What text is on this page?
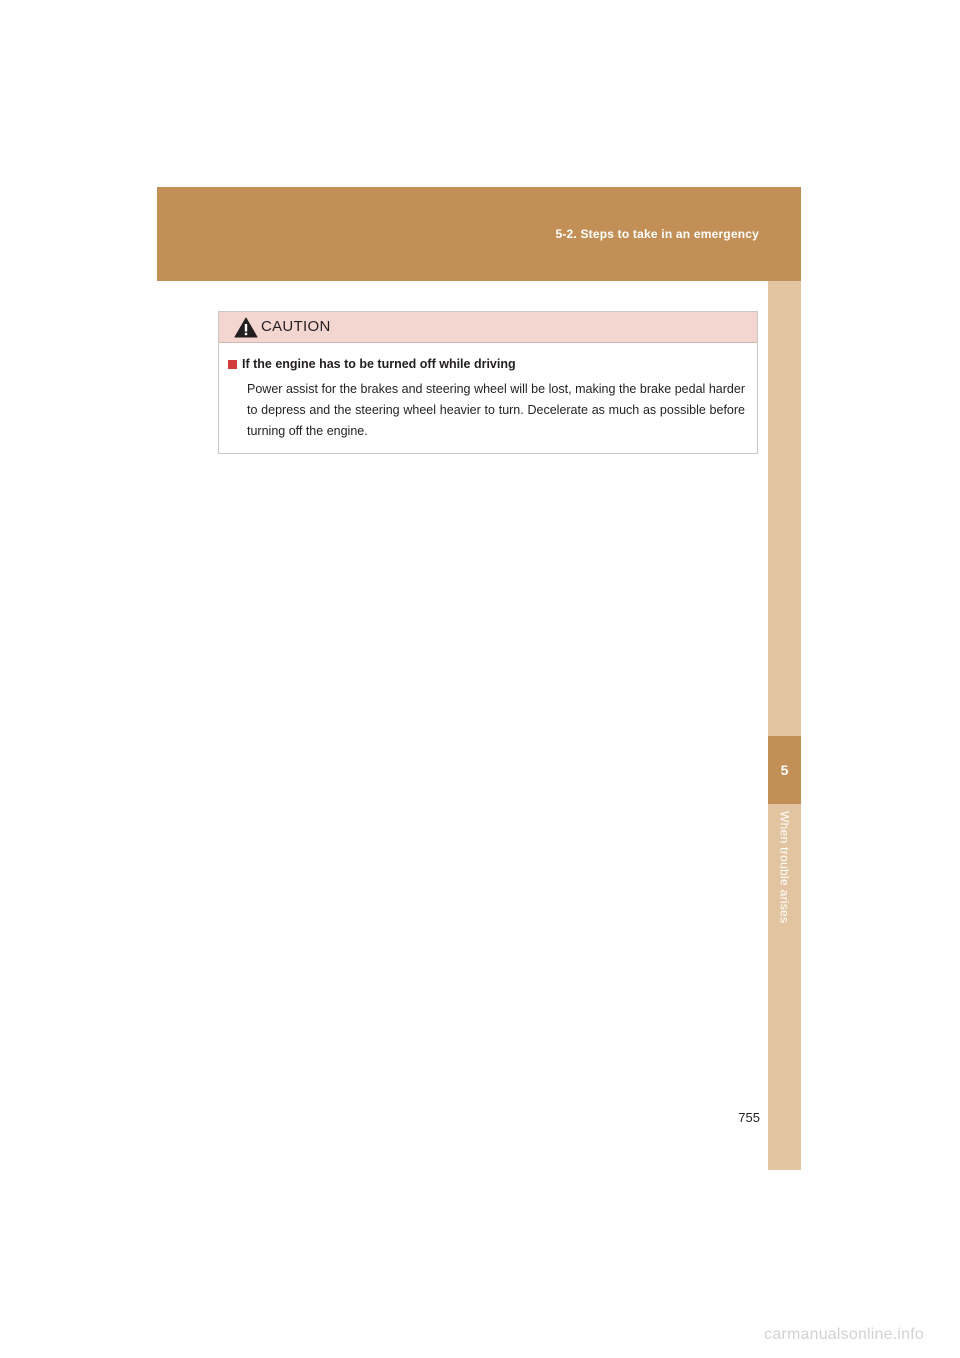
5-2. Steps to take in an emergency
5
When trouble arises
CAUTION
If the engine has to be turned off while driving

Power assist for the brakes and steering wheel will be lost, making the brake pedal harder to depress and the steering wheel heavier to turn. Decelerate as much as possible before turning off the engine.

755
carmanualsonline.info
